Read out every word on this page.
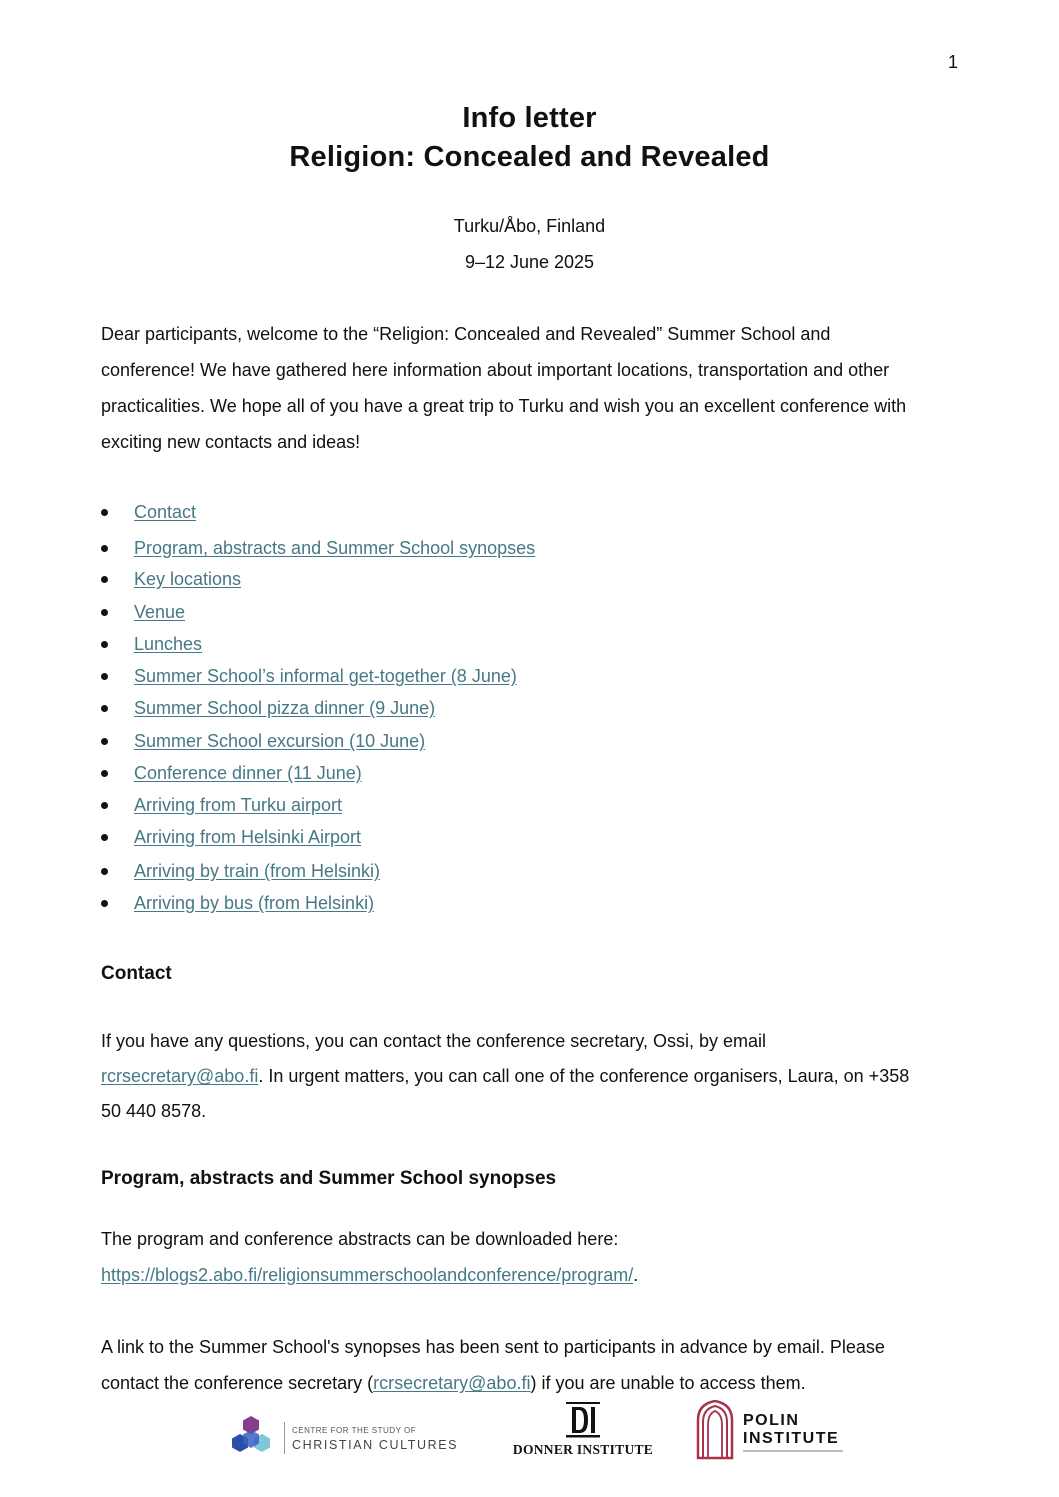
1
Info letter
Religion: Concealed and Revealed
Turku/Åbo, Finland
9–12 June 2025
Dear participants, welcome to the “Religion: Concealed and Revealed” Summer School and
conference! We have gathered here information about important locations, transportation and other
practicalities. We hope all of you have a great trip to Turku and wish you an excellent conference with
exciting new contacts and ideas!
Contact
Program, abstracts and Summer School synopses
Key locations
Venue
Lunches
Summer School’s informal get-together (8 June)
Summer School pizza dinner (9 June)
Summer School excursion (10 June)
Conference dinner (11 June)
Arriving from Turku airport
Arriving from Helsinki Airport
Arriving by train (from Helsinki)
Arriving by bus (from Helsinki)
Contact
If you have any questions, you can contact the conference secretary, Ossi, by email
rcrsecretary@abo.fi. In urgent matters, you can call one of the conference organisers, Laura, on +358
50 440 8578.
Program, abstracts and Summer School synopses
The program and conference abstracts can be downloaded here:
https://blogs2.abo.fi/religionsummerschoolandconference/program/.
A link to the Summer School's synopses has been sent to participants in advance by email. Please
contact the conference secretary (rcrsecretary@abo.fi) if you are unable to access them.
CENTRE FOR THE STUDY OF
CHRISTIAN CULTURES	DONNER INSTITUTE
POLIN
INSTITUTE
